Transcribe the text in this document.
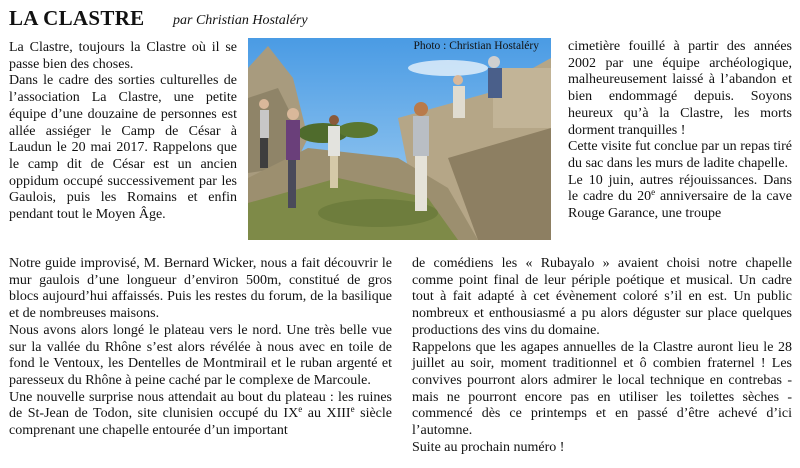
LA CLASTRE par Christian Hostaléry

La Clastre, toujours la Clastre où il se passe bien des choses.

Dans le cadre des sorties culturelles de l’association La Clastre, une petite équipe d’une douzaine de personnes est allée assiéger le Camp de César à Laudun le 20 mai 2017. Rappelons que le camp dit de César est un ancien oppidum occupé successivement par les Gaulois, puis les Romains et enfin pendant tout le Moyen Âge.

Photo : Christian Hostaléry cimetière fouillé à partir des années 2002 par une équipe archéologique, malheureusement laissé à l’abandon et bien endommagé depuis. Soyons heureux qu’à la Clastre, les morts dorment tranquilles !

Cette visite fut conclue par un repas tiré du sac dans les murs de ladite chapelle.

Le 10 juin, autres réjouissances. Dans le cadre du 20e anniversaire de la cave Rouge Garance, une troupe

Notre guide improvisé, M. Bernard Wicker, nous a fait découvrir le mur gaulois d’une longueur d’environ 500m, constitué de gros blocs aujourd’hui affaissés. Puis les restes du forum, de la basilique et de nombreuses maisons.

Nous avons alors longé le plateau vers le nord. Une très belle vue sur la vallée du Rhône s’est alors révélée à nous avec en toile de fond le Ventoux, les Dentelles de Montmirail et le ruban argenté et paresseux du Rhône à peine caché par le complexe de Marcoule.

Une nouvelle surprise nous attendait au bout du plateau : les ruines de St-Jean de Todon, site clunisien occupé du IXe au XIIIe siècle comprenant une chapelle entourée d’un important

de comédiens les « Rubayalo » avaient choisi notre chapelle comme point final de leur périple poétique et musical. Un cadre tout à fait adapté à cet évènement coloré s’il en est. Un public nombreux et enthousiasmé a pu alors déguster sur place quelques productions des vins du domaine.

Rappelons que les agapes annuelles de la Clastre auront lieu le 28 juillet au soir, moment traditionnel et ô combien fraternel ! Les convives pourront alors admirer le local technique en contrebas - mais ne pourront encore pas en utiliser les toilettes sèches - commencé dès ce printemps et en passé d’être achevé d’ici l’automne.

Suite au prochain numéro !
